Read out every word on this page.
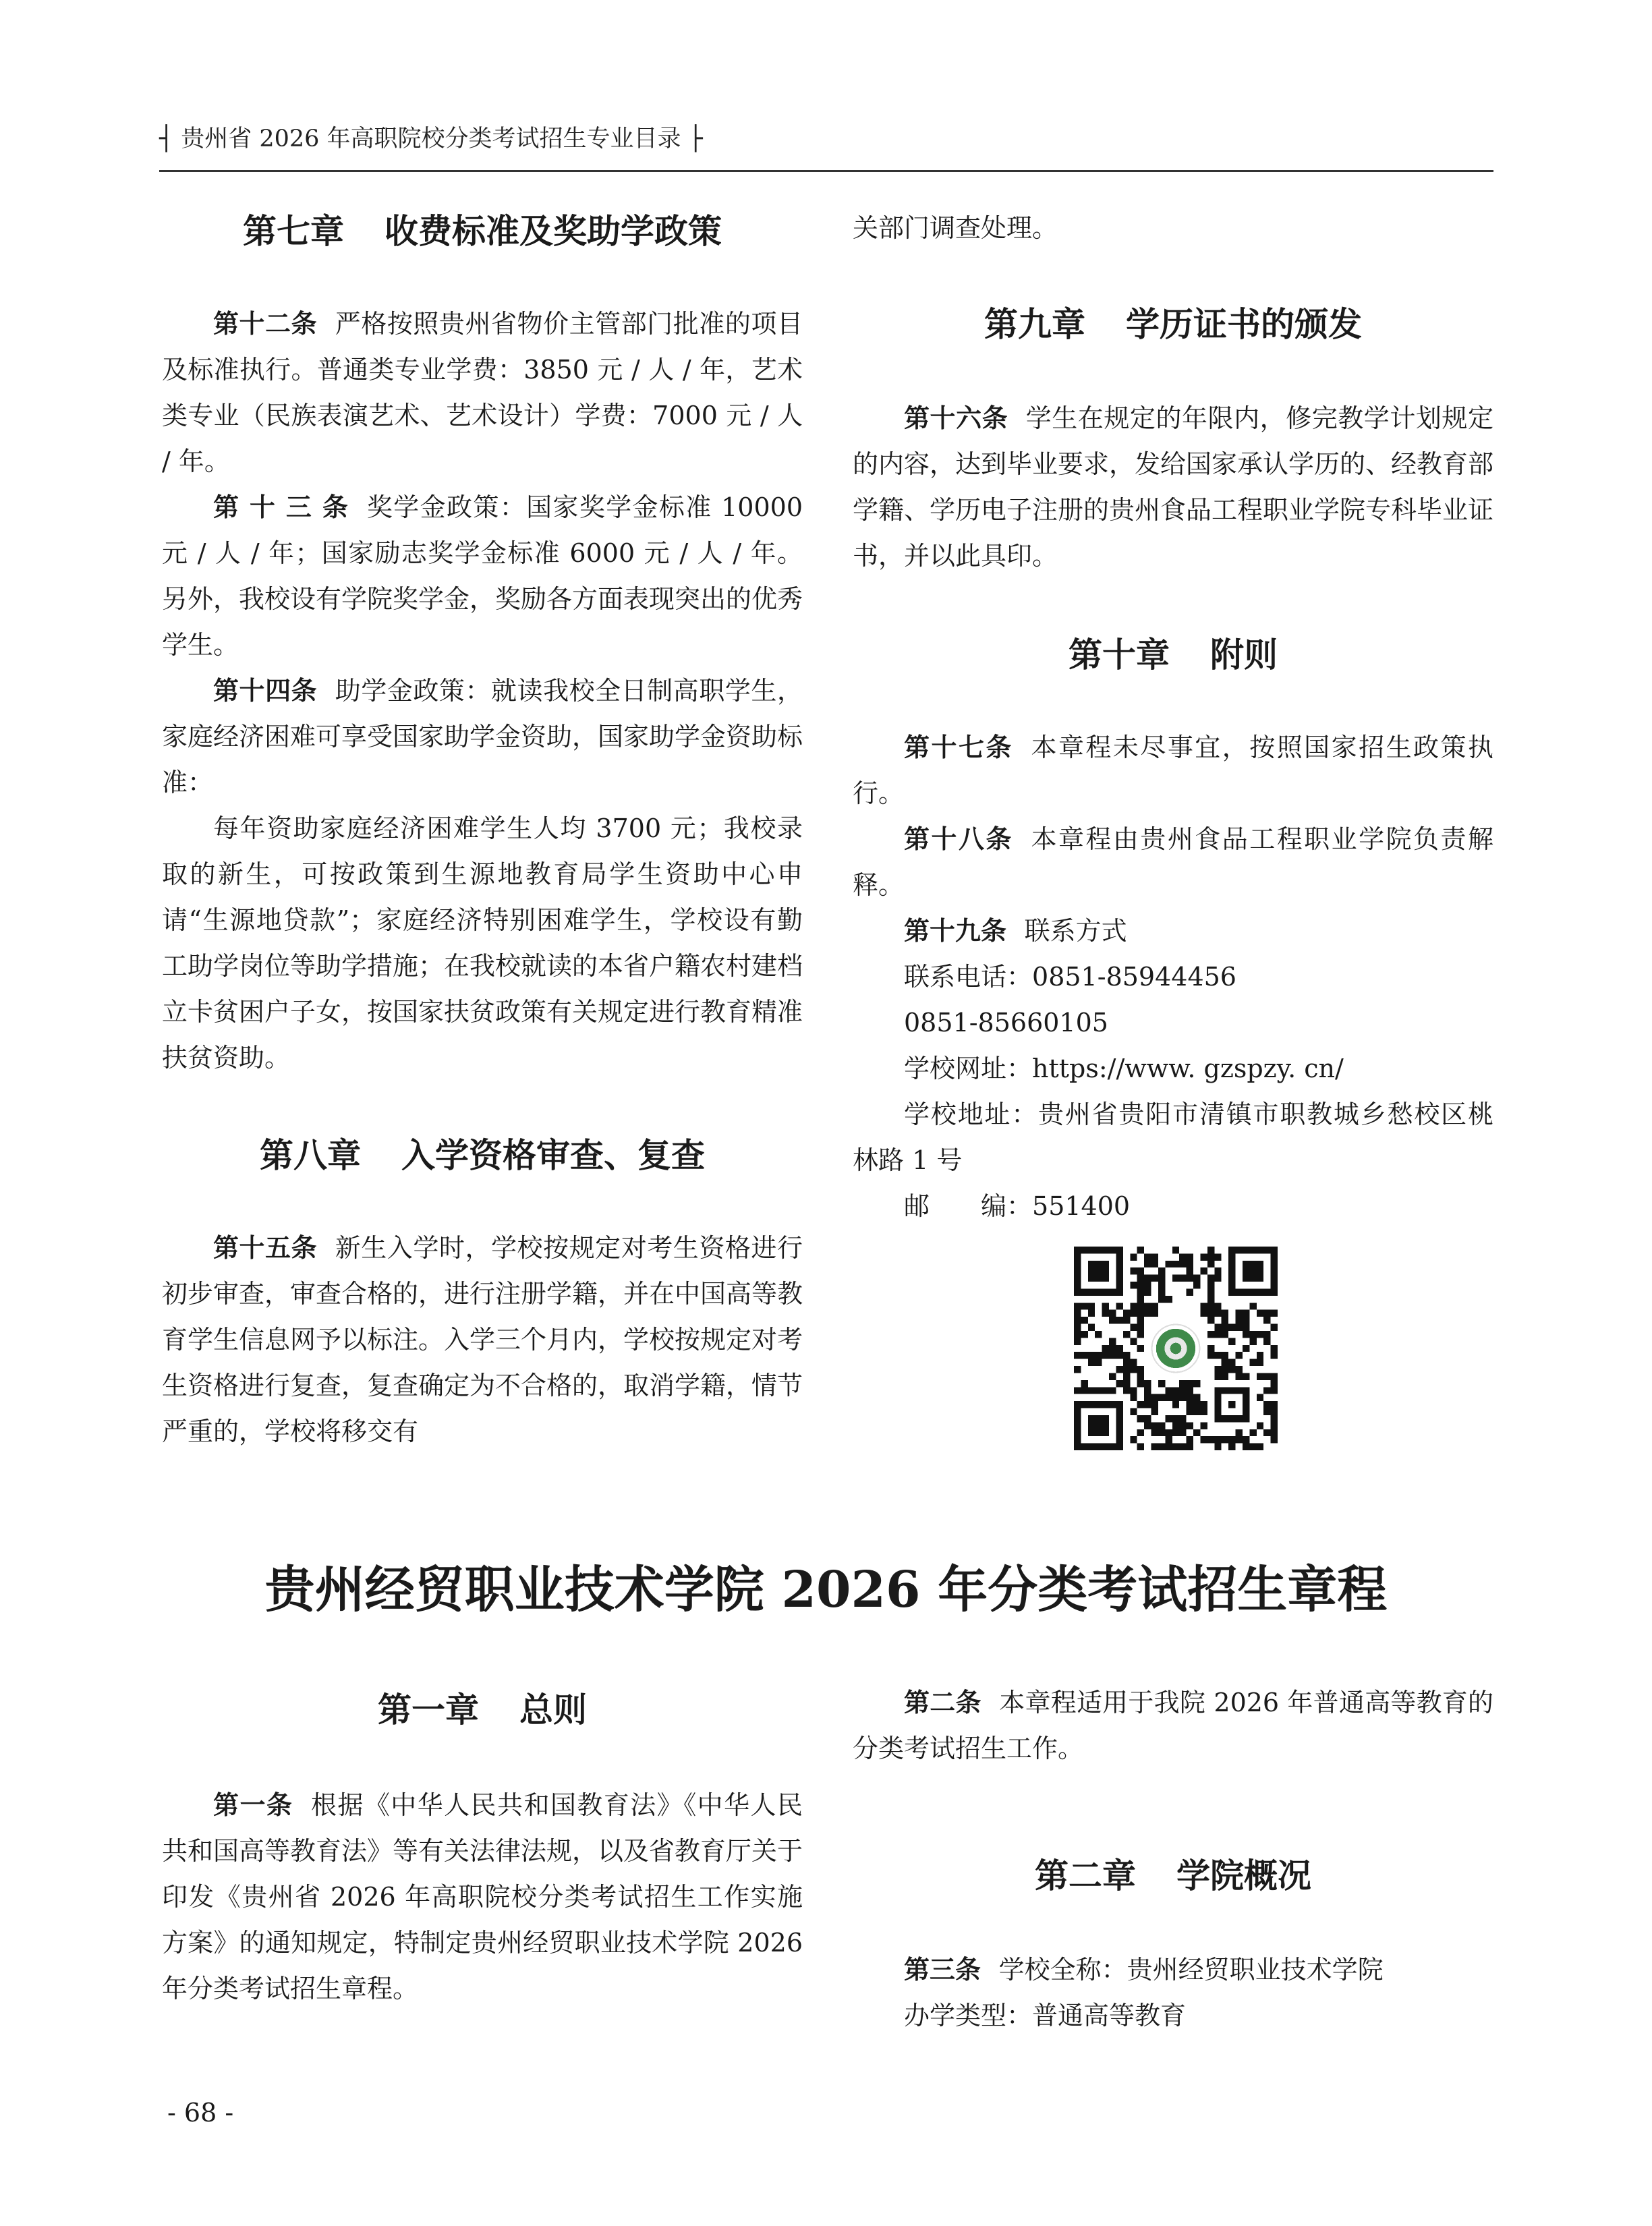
┤ 贵州省 2026 年高职院校分类考试招生专业目录 ├
第七章 收费标准及奖助学政策

第十二条 严格按照贵州省物价主管部门批准的项目及标准执行。普通类专业学费：3850 元 / 人 / 年，艺术类专业（民族表演艺术、艺术设计）学费：7000 元 / 人 / 年。

第 十 三 条 奖学金政策：国家奖学金标准 10000 元 / 人 / 年；国家励志奖学金标准 6000 元 / 人 / 年。另外，我校设有学院奖学金，奖励各方面表现突出的优秀学生。

第十四条 助学金政策：就读我校全日制高职学生，家庭经济困难可享受国家助学金资助，国家助学金资助标准：

每年资助家庭经济困难学生人均 3700 元；我校录取的新生，可按政策到生源地教育局学生资助中心申请“生源地贷款”；家庭经济特别困难学生，学校设有勤工助学岗位等助学措施；在我校就读的本省户籍农村建档立卡贫困户子女，按国家扶贫政策有关规定进行教育精准扶贫资助。

第八章 入学资格审查、复查

第十五条 新生入学时，学校按规定对考生资格进行初步审查，审查合格的，进行注册学籍，并在中国高等教育学生信息网予以标注。入学三个月内，学校按规定对考生资格进行复查，复查确定为不合格的，取消学籍，情节严重的，学校将移交有

关部门调查处理。

第九章 学历证书的颁发

第十六条 学生在规定的年限内，修完教学计划规定的内容，达到毕业要求，发给国家承认学历的、经教育部学籍、学历电子注册的贵州食品工程职业学院专科毕业证书，并以此具印。

第十章 附则

第十七条 本章程未尽事宜，按照国家招生政策执行。

第十八条 本章程由贵州食品工程职业学院负责解释。

第十九条 联系方式

联系电话：0851-85944456

0851-85660105

学校网址：https://www. gzspzy. cn/

学校地址：贵州省贵阳市清镇市职教城乡愁校区桃林路 1 号

邮　　编：551400

贵州经贸职业技术学院 2026 年分类考试招生章程
第一章 总则

第一条 根据《中华人民共和国教育法》《中华人民共和国高等教育法》等有关法律法规，以及省教育厅关于印发《贵州省 2026 年高职院校分类考试招生工作实施方案》的通知规定，特制定贵州经贸职业技术学院 2026 年分类考试招生章程。

第二条 本章程适用于我院 2026 年普通高等教育的分类考试招生工作。

第二章 学院概况

第三条 学校全称：贵州经贸职业技术学院

办学类型：普通高等教育

- 68 -
